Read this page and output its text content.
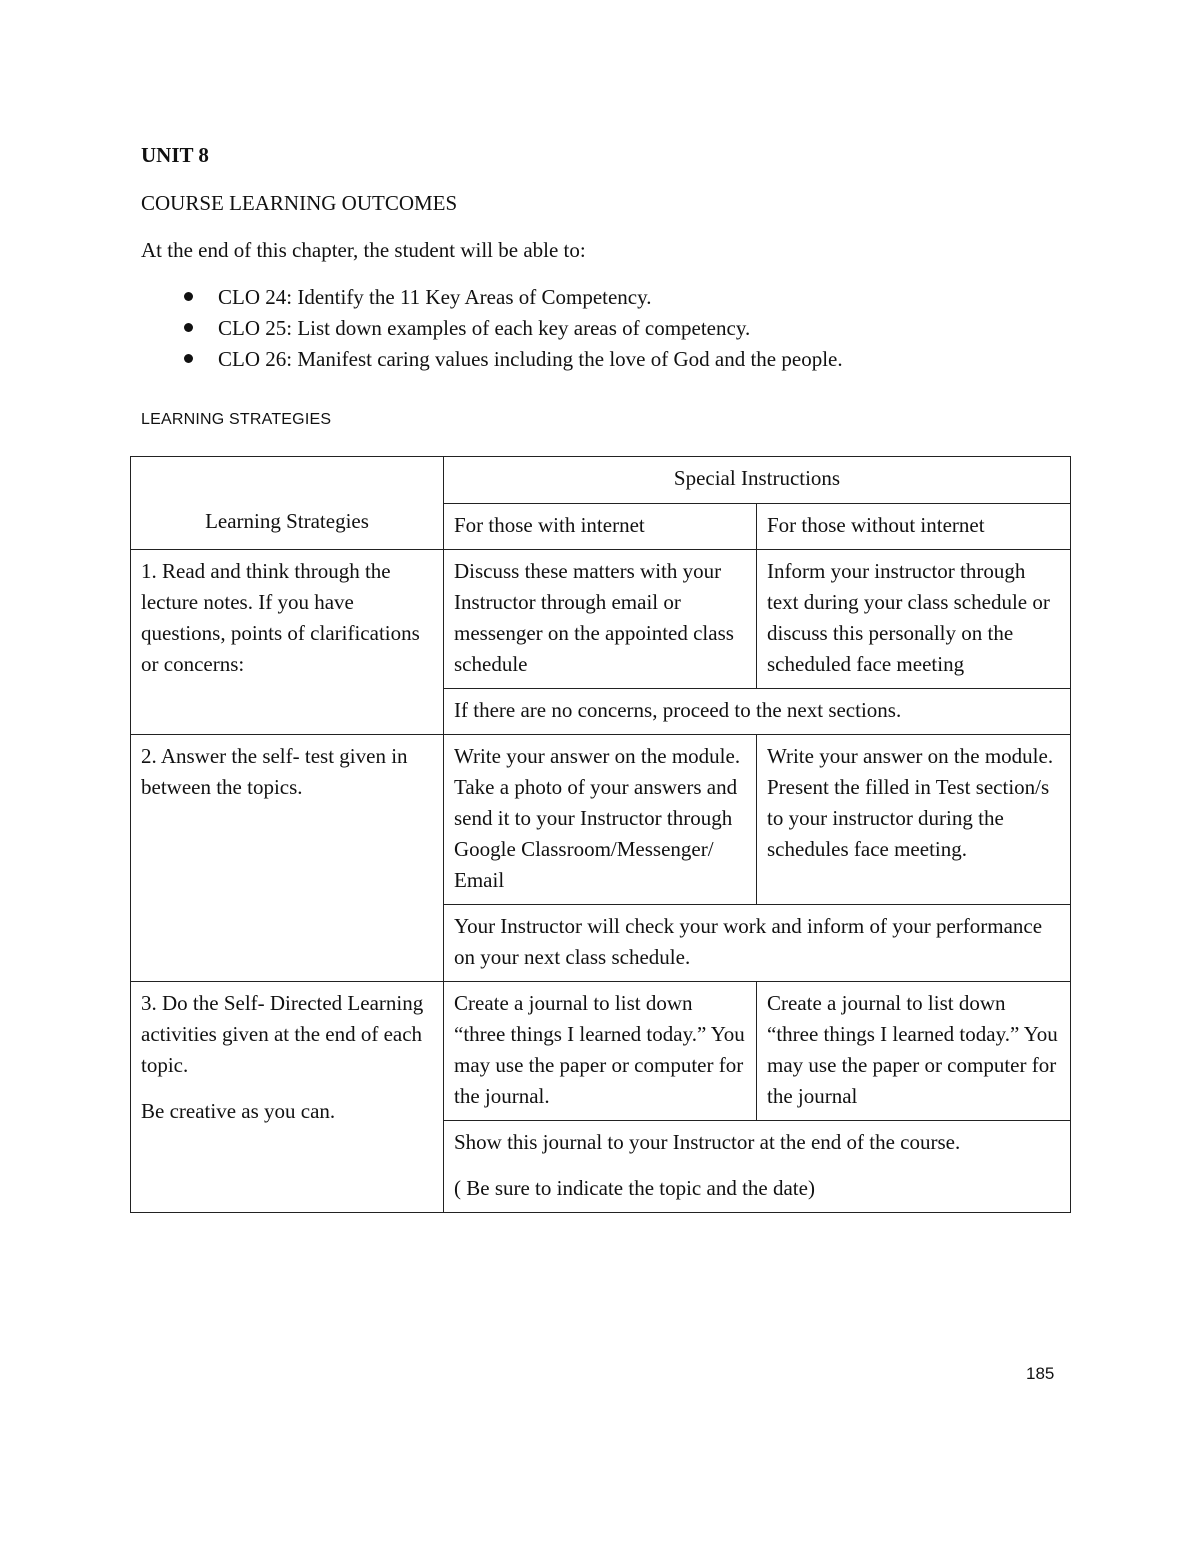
UNIT 8
COURSE LEARNING OUTCOMES
At the end of this chapter, the student will be able to:
CLO 24: Identify the 11 Key Areas of Competency.
CLO 25: List down examples of each key areas of competency.
CLO 26: Manifest caring values including the love of God and the people.
LEARNING STRATEGIES
Learning Strategies	Special Instructions	
	For those with internet	For those without internet

1. Read and think through the lecture notes. If you have questions, points of clarifications or concerns:	Discuss these matters with your Instructor through email or messenger on the appointed class schedule	Inform your instructor through text during your class schedule or discuss this personally on the scheduled face meeting

	If there are no concerns, proceed to the next sections.	

2. Answer the self- test given in between the topics.	Write your answer on the module. Take a photo of your answers and send it to your Instructor through Google Classroom/Messenger/ Email	Write your answer on the module. Present the filled in Test section/s to your instructor during the schedules face meeting.

	Your Instructor will check your work and inform of your performance on your next class schedule.	

3. Do the Self- Directed Learning activities given at the end of each topic.

Be creative as you can.	Create a journal to list down “three things I learned today.” You may use the paper or computer for the journal.	Create a journal to list down “three things I learned today.” You may use the paper or computer for the journal

	Show this journal to your Instructor at the end of the course.

( Be sure to indicate the topic and the date)	

185
